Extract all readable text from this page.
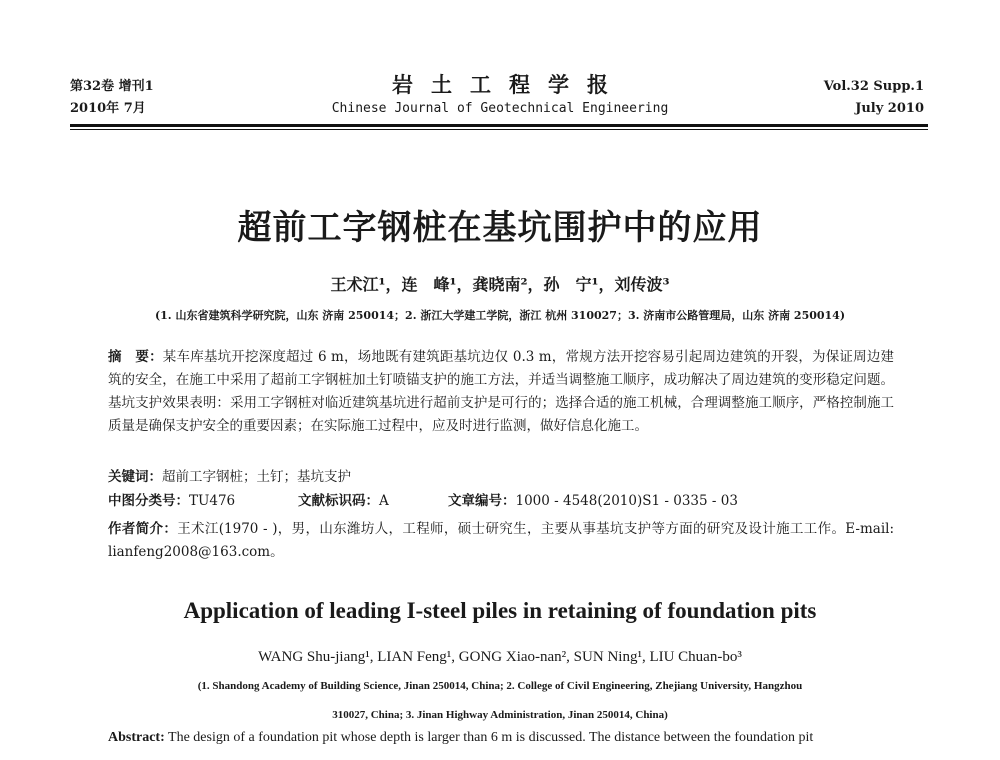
第32卷 增刊1
2010年 7月
岩土工程学报
Chinese Journal of Geotechnical Engineering
Vol.32 Supp.1
July 2010
超前工字钢桩在基坑围护中的应用
王术江¹，连　峰¹，龚晓南²，孙　宁¹，刘传波³
(1. 山东省建筑科学研究院，山东 济南 250014；2. 浙江大学建工学院，浙江 杭州 310027；3. 济南市公路管理局，山东 济南 250014)
摘　要：某车库基坑开挖深度超过 6 m，场地既有建筑距基坑边仅 0.3 m，常规方法开挖容易引起周边建筑的开裂，为保证周边建筑的安全，在施工中采用了超前工字钢桩加土钉喷锚支护的施工方法，并适当调整施工顺序，成功解决了周边建筑的变形稳定问题。基坑支护效果表明：采用工字钢桩对临近建筑基坑进行超前支护是可行的；选择合适的施工机械，合理调整施工顺序，严格控制施工质量是确保支护安全的重要因素；在实际施工过程中，应及时进行监测，做好信息化施工。
关键词：超前工字钢桩；土钉；基坑支护
中图分类号：TU476	文献标识码：A	文章编号：1000 - 4548(2010)S1 - 0335 - 03
作者简介：王术江(1970 - )，男，山东潍坊人，工程师，硕士研究生，主要从事基坑支护等方面的研究及设计施工工作。E-mail: lianfeng2008@163.com。
Application of leading I-steel piles in retaining of foundation pits
WANG Shu-jiang¹, LIAN Feng¹, GONG Xiao-nan², SUN Ning¹, LIU Chuan-bo³
(1. Shandong Academy of Building Science, Jinan 250014, China; 2. College of Civil Engineering, Zhejiang University, Hangzhou
310027, China; 3. Jinan Highway Administration, Jinan 250014, China)
Abstract: The design of a foundation pit whose depth is larger than 6 m is discussed. The distance between the foundation pit
